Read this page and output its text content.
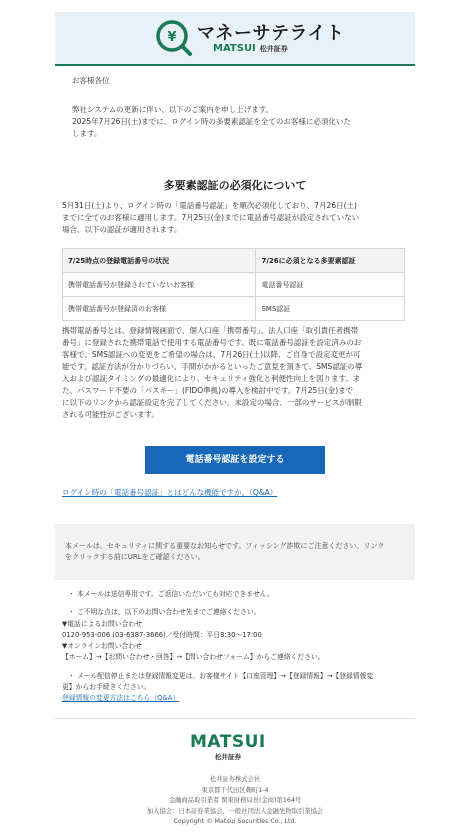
¥ マネーサテライト
MATSUI 松井証券
お客様各位
弊社システムの更新に伴い、以下のご案内を申し上げます。
2025年7月26日(土)までに、ログイン時の多要素認証を全てのお客様に必須化いた
します。
多要素認証の必須化について
5月31日(土)より、ログイン時の「電話番号認証」を順次必須化しており、7月26日(土)
までに全てのお客様に適用します。7月25日(金)までに電話番号認証が設定されていない
場合、以下の認証が適用されます。
7/25時点の登録電話番号の状況	7/26に必須となる多要素認証
携帯電話番号が登録されていないお客様	電話番号認証
携帯電話番号が登録済のお客様	SMS認証
携帯電話番号とは、登録情報画面で、個人口座「携帯番号」、法人口座「取引責任者携帯
番号」に登録された携帯電話で使用する電話番号です。既に電話番号認証を設定済みのお
客様で、SMS認証への変更をご希望の場合は、7月26日(土)以降、ご自身で設定変更が可
能です。認証方法が分かりづらい、手間がかかるといったご意見を頂きて、SMS認証の導
入および認証タイミングの最適化により、セキュリティ強化と利便性向上を図ります。ま
た、パスワード不要の「パスキー」(FIDO準拠)の導入を検討中です。7月25日(金)まで
に以下のリンクから認証設定を完了してください。未設定の場合、一部のサービスが制限
される可能性がございます。
電話番号認証を設定する
ログイン時の「電話番号認証」とはどんな機能ですか。（Q&A）

本メールは、セキュリティに関する重要なお知らせです。フィッシング詐欺にご注意ください。リンク
をクリックする前にURLをご確認ください。

・ 本メールは送信専用です。ご返信いただいても対応できません。
・ ご不明な点は、以下のお問い合わせ先までご連絡ください。
▼電話によるお問い合わせ
0120-953-006 (03-6387-3666)／受付時間：平日8:30～17:00
▼オンラインお問い合わせ
【ホーム】→【お問い合わせ・回答】→【問い合わせフォーム】からご連絡ください。
・ メール配信停止または登録情報変更は、お客様サイト【口座管理】→【登録情報】→【登録情報変
更】からお手続きください。
登録情報の変更方法はこちら（Q&A）
MATSUI
松井証券
松井証券株式会社
東京都千代田区麹町1-4
金融商品取引業者 関東財務局長(金商)第164号
加入協会：日本証券業協会、一般社団法人金融先物取引業協会
Copyright © Matsui Securities Co., Ltd.
